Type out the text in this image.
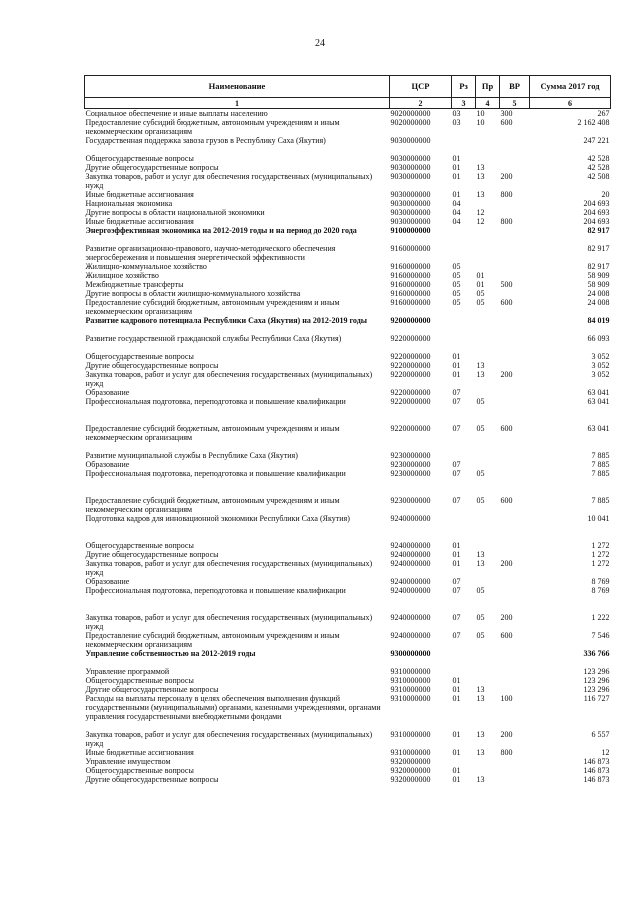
24
Наименование	ЦСР	Рз	Пр	ВР	Сумма 2017 год
1	2	3	4	5	6
Социальное обеспечение и иные выплаты населению	9020000000	03	10	300	267
Предоставление субсидий бюджетным, автономным учреждениям и иным некоммерческим организациям	9020000000	03	10	600	2 162 408
Государственная поддержка завоза грузов в Республику Саха (Якутия)	9030000000				247 221
Общегосударственные вопросы	9030000000	01			42 528
Другие общегосударственные вопросы	9030000000	01	13		42 528
Закупка товаров, работ и услуг для обеспечения государственных (муниципальных) нужд	9030000000	01	13	200	42 508
Иные бюджетные ассигнования	9030000000	01	13	800	20
Национальная экономика	9030000000	04			204 693
Другие вопросы в области национальной экономики	9030000000	04	12		204 693
Иные бюджетные ассигнования	9030000000	04	12	800	204 693
Энергоэффективная экономика на 2012-2019 годы и на период до 2020 года	9100000000				82 917
Развитие организационно-правового, научно-методического обеспечения энергосбережения и повышения энергетической эффективности	9160000000				82 917
Жилищно-коммунальное хозяйство	9160000000	05			82 917
Жилищное хозяйство	9160000000	05	01		58 909
Межбюджетные трансферты	9160000000	05	01	500	58 909
Другие вопросы в области жилищно-коммунального хозяйства	9160000000	05	05		24 008
Предоставление субсидий бюджетным, автономным учреждениям и иным некоммерческим организациям	9160000000	05	05	600	24 008
Развитие кадрового потенциала Республики Саха (Якутия) на 2012-2019 годы	9200000000				84 019
Развитие государственной гражданской службы Республики Саха (Якутия)	9220000000				66 093
Общегосударственные вопросы	9220000000	01			3 052
Другие общегосударственные вопросы	9220000000	01	13		3 052
Закупка товаров, работ и услуг для обеспечения государственных (муниципальных) нужд	9220000000	01	13	200	3 052
Образование	9220000000	07			63 041
Профессиональная подготовка, переподготовка и повышение квалификации	9220000000	07	05		63 041
Предоставление субсидий бюджетным, автономным учреждениям и иным некоммерческим организациям	9220000000	07	05	600	63 041
Развитие муниципальной службы в Республике Саха (Якутия)	9230000000				7 885
Образование	9230000000	07			7 885
Профессиональная подготовка, переподготовка и повышение квалификации	9230000000	07	05		7 885
Предоставление субсидий бюджетным, автономным учреждениям и иным некоммерческим организациям	9230000000	07	05	600	7 885
Подготовка кадров для инновационной экономики Республики Саха (Якутия)	9240000000				10 041
Общегосударственные вопросы	9240000000	01			1 272
Другие общегосударственные вопросы	9240000000	01	13		1 272
Закупка товаров, работ и услуг для обеспечения государственных (муниципальных) нужд	9240000000	01	13	200	1 272
Образование	9240000000	07			8 769
Профессиональная подготовка, переподготовка и повышение квалификации	9240000000	07	05		8 769
Закупка товаров, работ и услуг для обеспечения государственных (муниципальных) нужд	9240000000	07	05	200	1 222
Предоставление субсидий бюджетным, автономным учреждениям и иным некоммерческим организациям	9240000000	07	05	600	7 546
Управление собственностью на 2012-2019 годы	9300000000				336 766
Управление программой	9310000000				123 296
Общегосударственные вопросы	9310000000	01			123 296
Другие общегосударственные вопросы	9310000000	01	13		123 296
Расходы на выплаты персоналу в целях обеспечения выполнения функций государственными (муниципальными) органами, казенными учреждениями, органами управления государственными внебюджетными фондами	9310000000	01	13	100	116 727
Закупка товаров, работ и услуг для обеспечения государственных (муниципальных) нужд	9310000000	01	13	200	6 557
Иные бюджетные ассигнования	9310000000	01	13	800	12
Управление имуществом	9320000000				146 873
Общегосударственные вопросы	9320000000	01			146 873
Другие общегосударственные вопросы	9320000000	01	13		146 873
